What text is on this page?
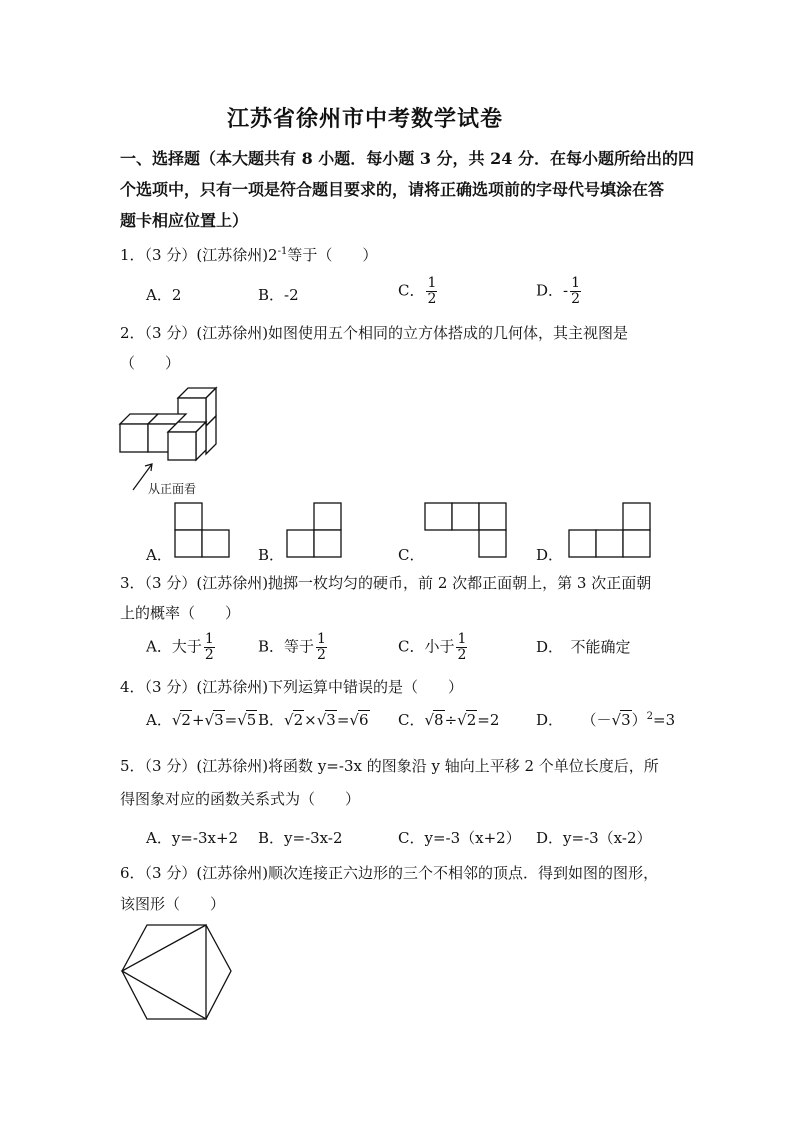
江苏省徐州市中考数学试卷
一、选择题（本大题共有 8 小题．每小题 3 分，共 24 分．在每小题所给出的四
个选项中，只有一项是符合题目要求的，请将正确选项前的字母代号填涂在答
题卡相应位置上）
1．（3 分）(江苏徐州)$2^{-1}$等于（　　）
A．2	B．-2	C． $\frac{1}{2}$	D．- $\frac{1}{2}$
2．（3 分）(江苏徐州)如图使用五个相同的立方体搭成的几何体，其主视图是
（　　）
从正面看
A．	B．	C．	D．
3．（3 分）(江苏徐州)抛掷一枚均匀的硬币，前 2 次都正面朝上，第 3 次正面朝
上的概率（　　）
A．大于 $\frac{1}{2}$	B．等于 $\frac{1}{2}$	C．小于 $\frac{1}{2}$	D．　不能确定
4．（3 分）(江苏徐州)下列运算中错误的是（　　）
A．√2+√3=√5 B．√2×√3=√6 C．√8÷√2=2 D． $(-√3)^2=3$
5．（3 分）(江苏徐州)将函数 y=-3x 的图象沿 y 轴向上平移 2 个单位长度后，所
得图象对应的函数关系式为（　　）
A．y=-3x+2 B．y=-3x-2	C．y=-3（x+2） D．y=-3（x-2）
6．（3 分）(江苏徐州)顺次连接正六边形的三个不相邻的顶点．得到如图的图形，
该图形（　　）
